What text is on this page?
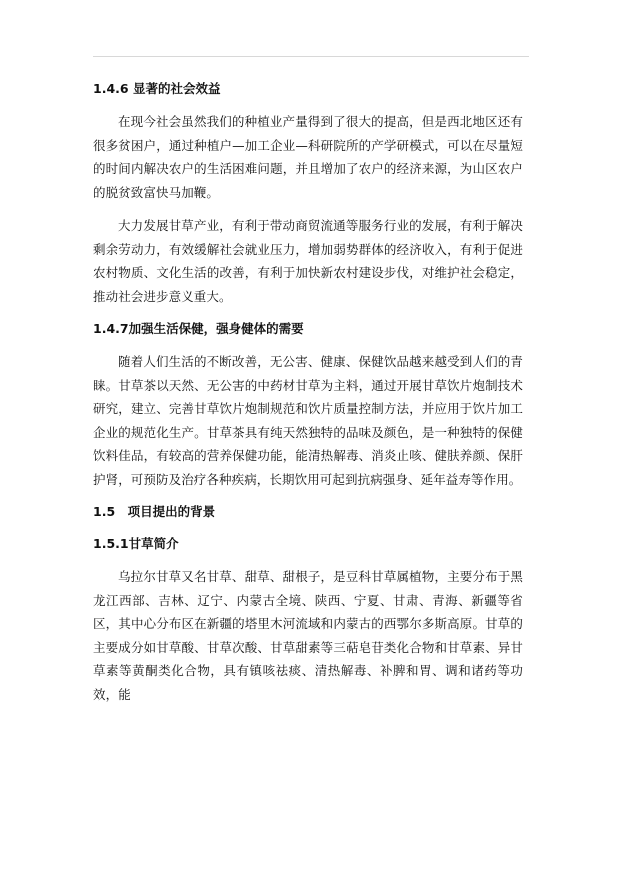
1.4.6 显著的社会效益

在现今社会虽然我们的种植业产量得到了很大的提高，但是西北地区还有很多贫困户，通过种植户—加工企业—科研院所的产学研模式，可以在尽量短的时间内解决农户的生活困难问题，并且增加了农户的经济来源，为山区农户的脱贫致富快马加鞭。

大力发展甘草产业，有利于带动商贸流通等服务行业的发展，有利于解决剩余劳动力，有效缓解社会就业压力，增加弱势群体的经济收入，有利于促进农村物质、文化生活的改善，有利于加快新农村建设步伐，对维护社会稳定，推动社会进步意义重大。

1.4.7加强生活保健，强身健体的需要

随着人们生活的不断改善，无公害、健康、保健饮品越来越受到人们的青睐。甘草茶以天然、无公害的中药材甘草为主料，通过开展甘草饮片炮制技术研究，建立、完善甘草饮片炮制规范和饮片质量控制方法，并应用于饮片加工企业的规范化生产。甘草茶具有纯天然独特的品味及颜色，是一种独特的保健饮料佳品，有较高的营养保健功能，能清热解毒、消炎止咳、健肤养颜、保肝护肾，可预防及治疗各种疾病，长期饮用可起到抗病强身、延年益寿等作用。

1.5　项目提出的背景
1.5.1甘草简介

乌拉尔甘草又名甘草、甜草、甜根子，是豆科甘草属植物，主要分布于黑龙江西部、吉林、辽宁、内蒙古全境、陕西、宁夏、甘肃、青海、新疆等省区，其中心分布区在新疆的塔里木河流域和内蒙古的西鄂尔多斯高原。甘草的主要成分如甘草酸、甘草次酸、甘草甜素等三萜皂苷类化合物和甘草素、异甘草素等黄酮类化合物，具有镇咳祛痰、清热解毒、补脾和胃、调和诸药等功效，能
